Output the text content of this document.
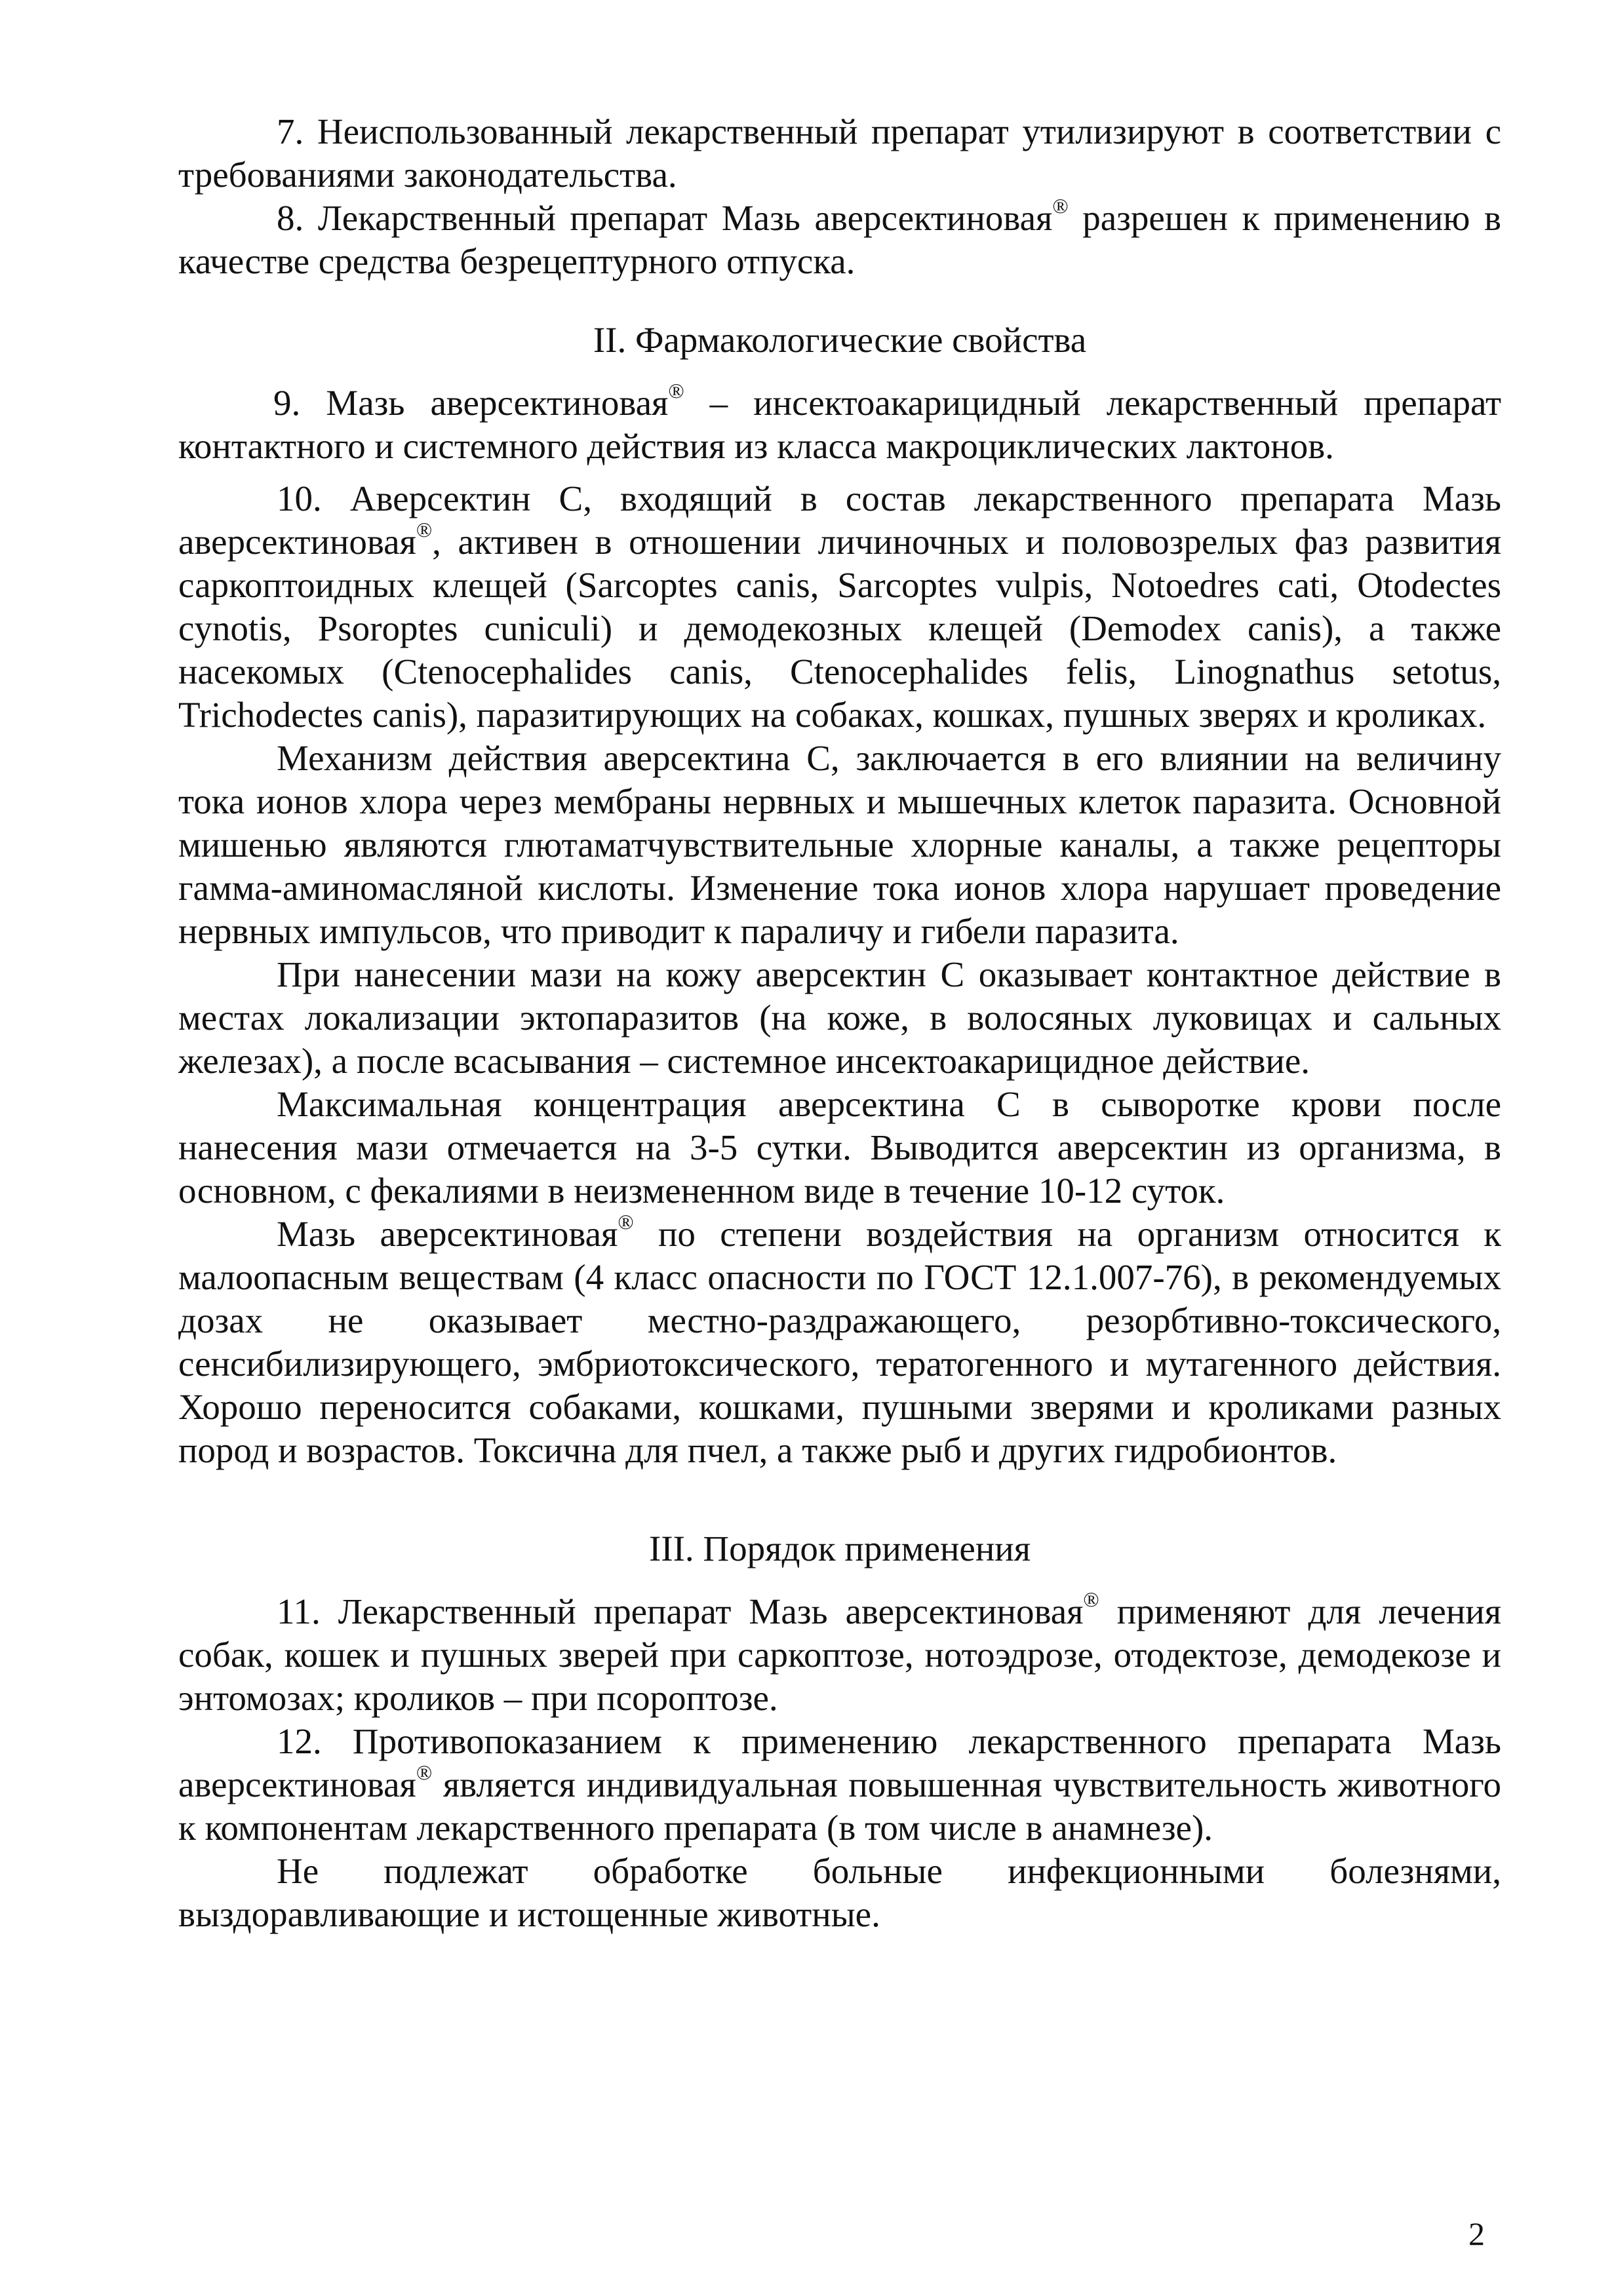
7. Неиспользованный лекарственный препарат утилизируют в соответствии с требованиями законодательства.

8. Лекарственный препарат Мазь аверсектиновая® разрешен к применению в качестве средства безрецептурного отпуска.

II. Фармакологические свойства

9. Мазь аверсектиновая® – инсектоакарицидный лекарственный препарат контактного и системного действия из класса макроциклических лактонов.

10. Аверсектин С, входящий в состав лекарственного препарата Мазь аверсектиновая®, активен в отношении личиночных и половозрелых фаз развития саркоптоидных клещей (Sarcoptes canis, Sarcoptes vulpis, Notoedres cati, Otodectes cynotis, Psoroptes cuniculi) и демодекозных клещей (Demodex canis), а также насекомых (Ctenocephalides canis, Ctenocephalides felis, Linognathus setotus, Trichodectes canis), паразитирующих на собаках, кошках, пушных зверях и кроликах.

Механизм действия аверсектина С, заключается в его влиянии на величину тока ионов хлора через мембраны нервных и мышечных клеток паразита. Основной мишенью являются глютаматчувствительные хлорные каналы, а также рецепторы гамма-аминомасляной кислоты. Изменение тока ионов хлора нарушает проведение нервных импульсов, что приводит к параличу и гибели паразита.

При нанесении мази на кожу аверсектин С оказывает контактное действие в местах локализации эктопаразитов (на коже, в волосяных луковицах и сальных железах), а после всасывания – системное инсектоакарицидное действие.

Максимальная концентрация аверсектина С в сыворотке крови после нанесения мази отмечается на 3-5 сутки. Выводится аверсектин из организма, в основном, с фекалиями в неизмененном виде в течение 10-12 суток.

Мазь аверсектиновая® по степени воздействия на организм относится к малоопасным веществам (4 класс опасности по ГОСТ 12.1.007-76), в рекомендуемых дозах не оказывает местно-раздражающего, резорбтивно-токсического, сенсибилизирующего, эмбриотоксического, тератогенного и мутагенного действия. Хорошо переносится собаками, кошками, пушными зверями и кроликами разных пород и возрастов. Токсична для пчел, а также рыб и других гидробионтов.

III. Порядок применения

11. Лекарственный препарат Мазь аверсектиновая® применяют для лечения собак, кошек и пушных зверей при саркоптозе, нотоэдрозе, отодектозе, демодекозе и энтомозах; кроликов – при псороптозе.

12. Противопоказанием к применению лекарственного препарата Мазь аверсектиновая® является индивидуальная повышенная чувствительность животного к компонентам лекарственного препарата (в том числе в анамнезе).

Не подлежат обработке больные инфекционными болезнями, выздоравливающие и истощенные животные.

2
